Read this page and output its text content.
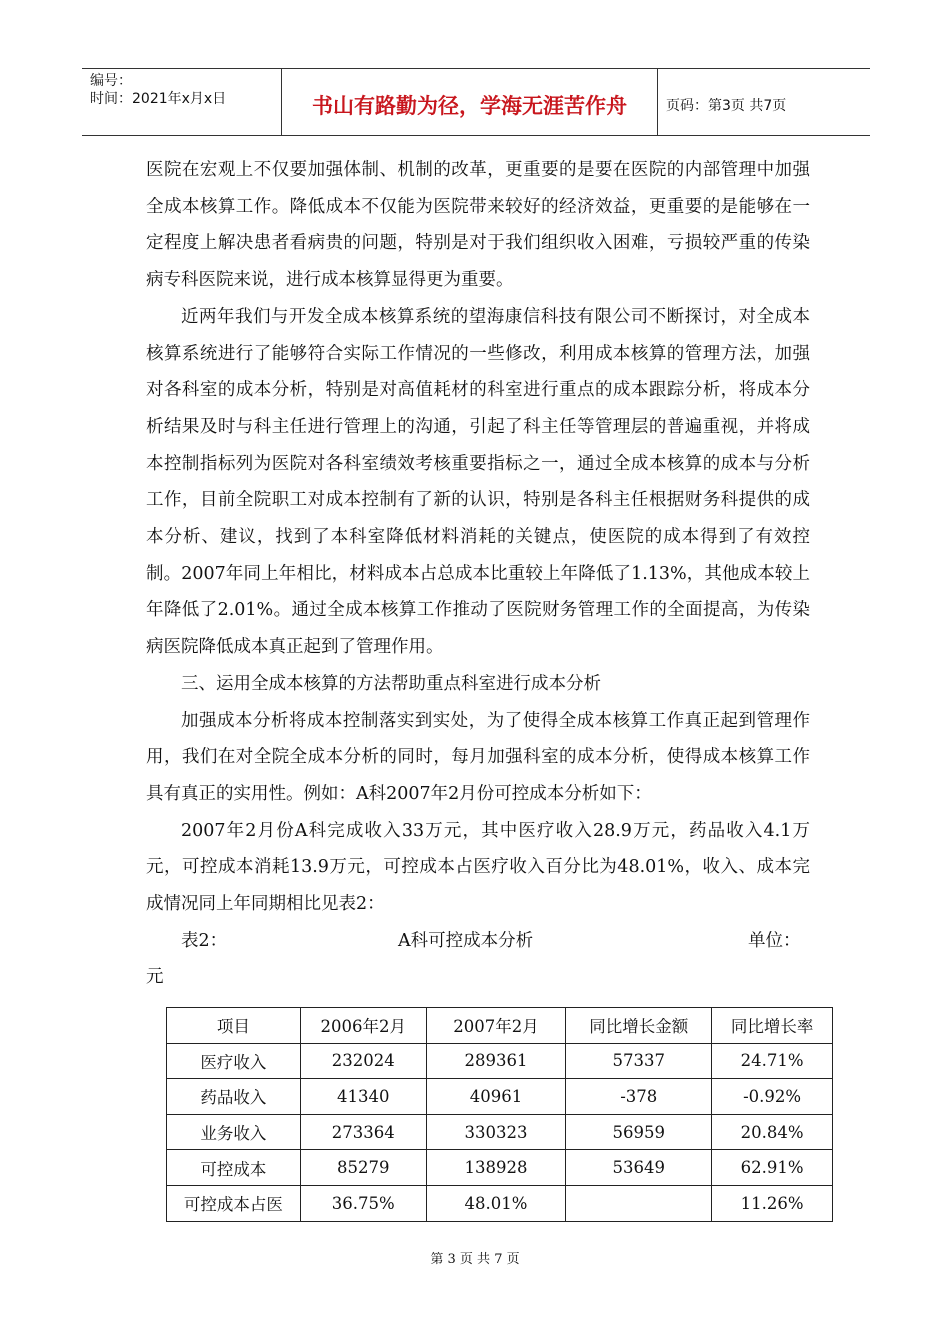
编号：
时间：2021年x月x日	书山有路勤为径，学海无涯苦作舟	页码：第3页 共7页

医院在宏观上不仅要加强体制、机制的改革，更重要的是要在医院的内部管理中加强全成本核算工作。降低成本不仅能为医院带来较好的经济效益，更重要的是能够在一定程度上解决患者看病贵的问题，特别是对于我们组织收入困难，亏损较严重的传染病专科医院来说，进行成本核算显得更为重要。

近两年我们与开发全成本核算系统的望海康信科技有限公司不断探讨，对全成本核算系统进行了能够符合实际工作情况的一些修改，利用成本核算的管理方法，加强对各科室的成本分析，特别是对高值耗材的科室进行重点的成本跟踪分析，将成本分析结果及时与科主任进行管理上的沟通，引起了科主任等管理层的普遍重视，并将成本控制指标列为医院对各科室绩效考核重要指标之一，通过全成本核算的成本与分析工作，目前全院职工对成本控制有了新的认识，特别是各科主任根据财务科提供的成本分析、建议，找到了本科室降低材料消耗的关键点，使医院的成本得到了有效控制。2007年同上年相比，材料成本占总成本比重较上年降低了1.13%，其他成本较上年降低了2.01%。通过全成本核算工作推动了医院财务管理工作的全面提高，为传染病医院降低成本真正起到了管理作用。

三、运用全成本核算的方法帮助重点科室进行成本分析

加强成本分析将成本控制落实到实处，为了使得全成本核算工作真正起到管理作用，我们在对全院全成本分析的同时，每月加强科室的成本分析，使得成本核算工作具有真正的实用性。例如：A科2007年2月份可控成本分析如下：

2007年2月份A科完成收入33万元，其中医疗收入28.9万元，药品收入4.1万元，可控成本消耗13.9万元，可控成本占医疗收入百分比为48.01%，收入、成本完成情况同上年同期相比见表2：

表2：	A科可控成本分析	单位：

元

项目	2006年2月	2007年2月	同比增长金额	同比增长率
医疗收入	232024	289361	57337	24.71%
药品收入	41340	40961	-378	-0.92%
业务收入	273364	330323	56959	20.84%
可控成本	85279	138928	53649	62.91%
可控成本占医	36.75%	48.01%		11.26%
第 3 页 共 7 页
